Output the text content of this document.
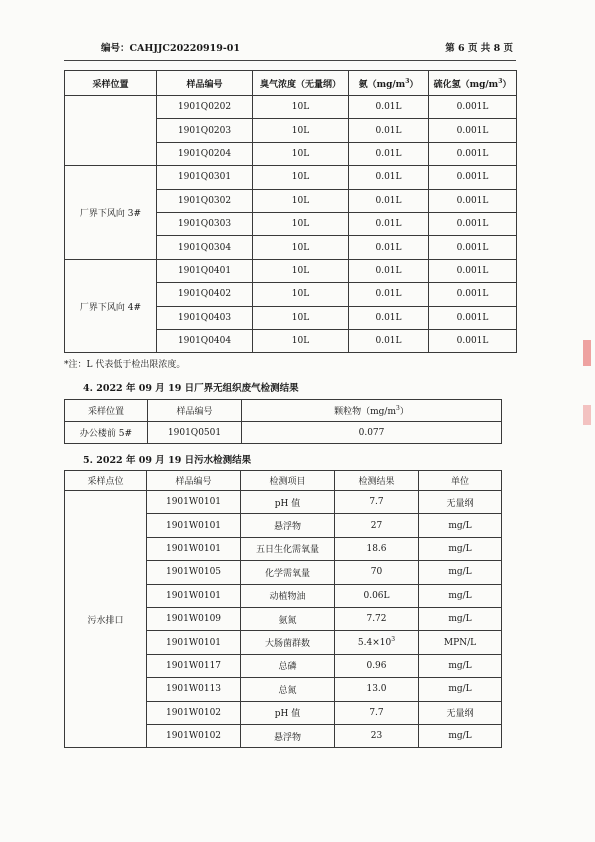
编号：CAHJJC20220919-01	第 6 页 共 8 页
采样位置	样品编号	臭气浓度（无量纲）	氨$(mg/m^3)$	硫化氢$(mg/m^3)$
	1901Q0202	10L	0.01L	0.001L
	1901Q0203	10L	0.01L	0.001L
	1901Q0204	10L	0.01L	0.001L
厂界下风向 3#	1901Q0301	10L	0.01L	0.001L
	1901Q0302	10L	0.01L	0.001L
	1901Q0303	10L	0.01L	0.001L
	1901Q0304	10L	0.01L	0.001L
厂界下风向 4#	1901Q0401	10L	0.01L	0.001L
	1901Q0402	10L	0.01L	0.001L
	1901Q0403	10L	0.01L	0.001L
	1901Q0404	10L	0.01L	0.001L
*注：L 代表低于检出限浓度。
4. 2022 年 09 月 19 日厂界无组织废气检测结果
采样位置	样品编号	颗粒物$(mg/m^3)$
办公楼前 5#	1901Q0501	0.077
5. 2022 年 09 月 19 日污水检测结果
采样点位	样品编号	检测项目	检测结果	单位
污水排口	1901W0101	pH 值	7.7	无量纲
	1901W0101	悬浮物	27	mg/L
	1901W0101	五日生化需氧量	18.6	mg/L
	1901W0105	化学需氧量	70	mg/L
	1901W0101	动植物油	0.06L	mg/L
	1901W0109	氨氮	7.72	mg/L
	1901W0101	大肠菌群数	$5.4\times 10^3$	MPN/L
	1901W0117	总磷	0.96	mg/L
	1901W0113	总氮	13.0	mg/L
	1901W0102	pH 值	7.7	无量纲
	1901W0102	悬浮物	23	mg/L
